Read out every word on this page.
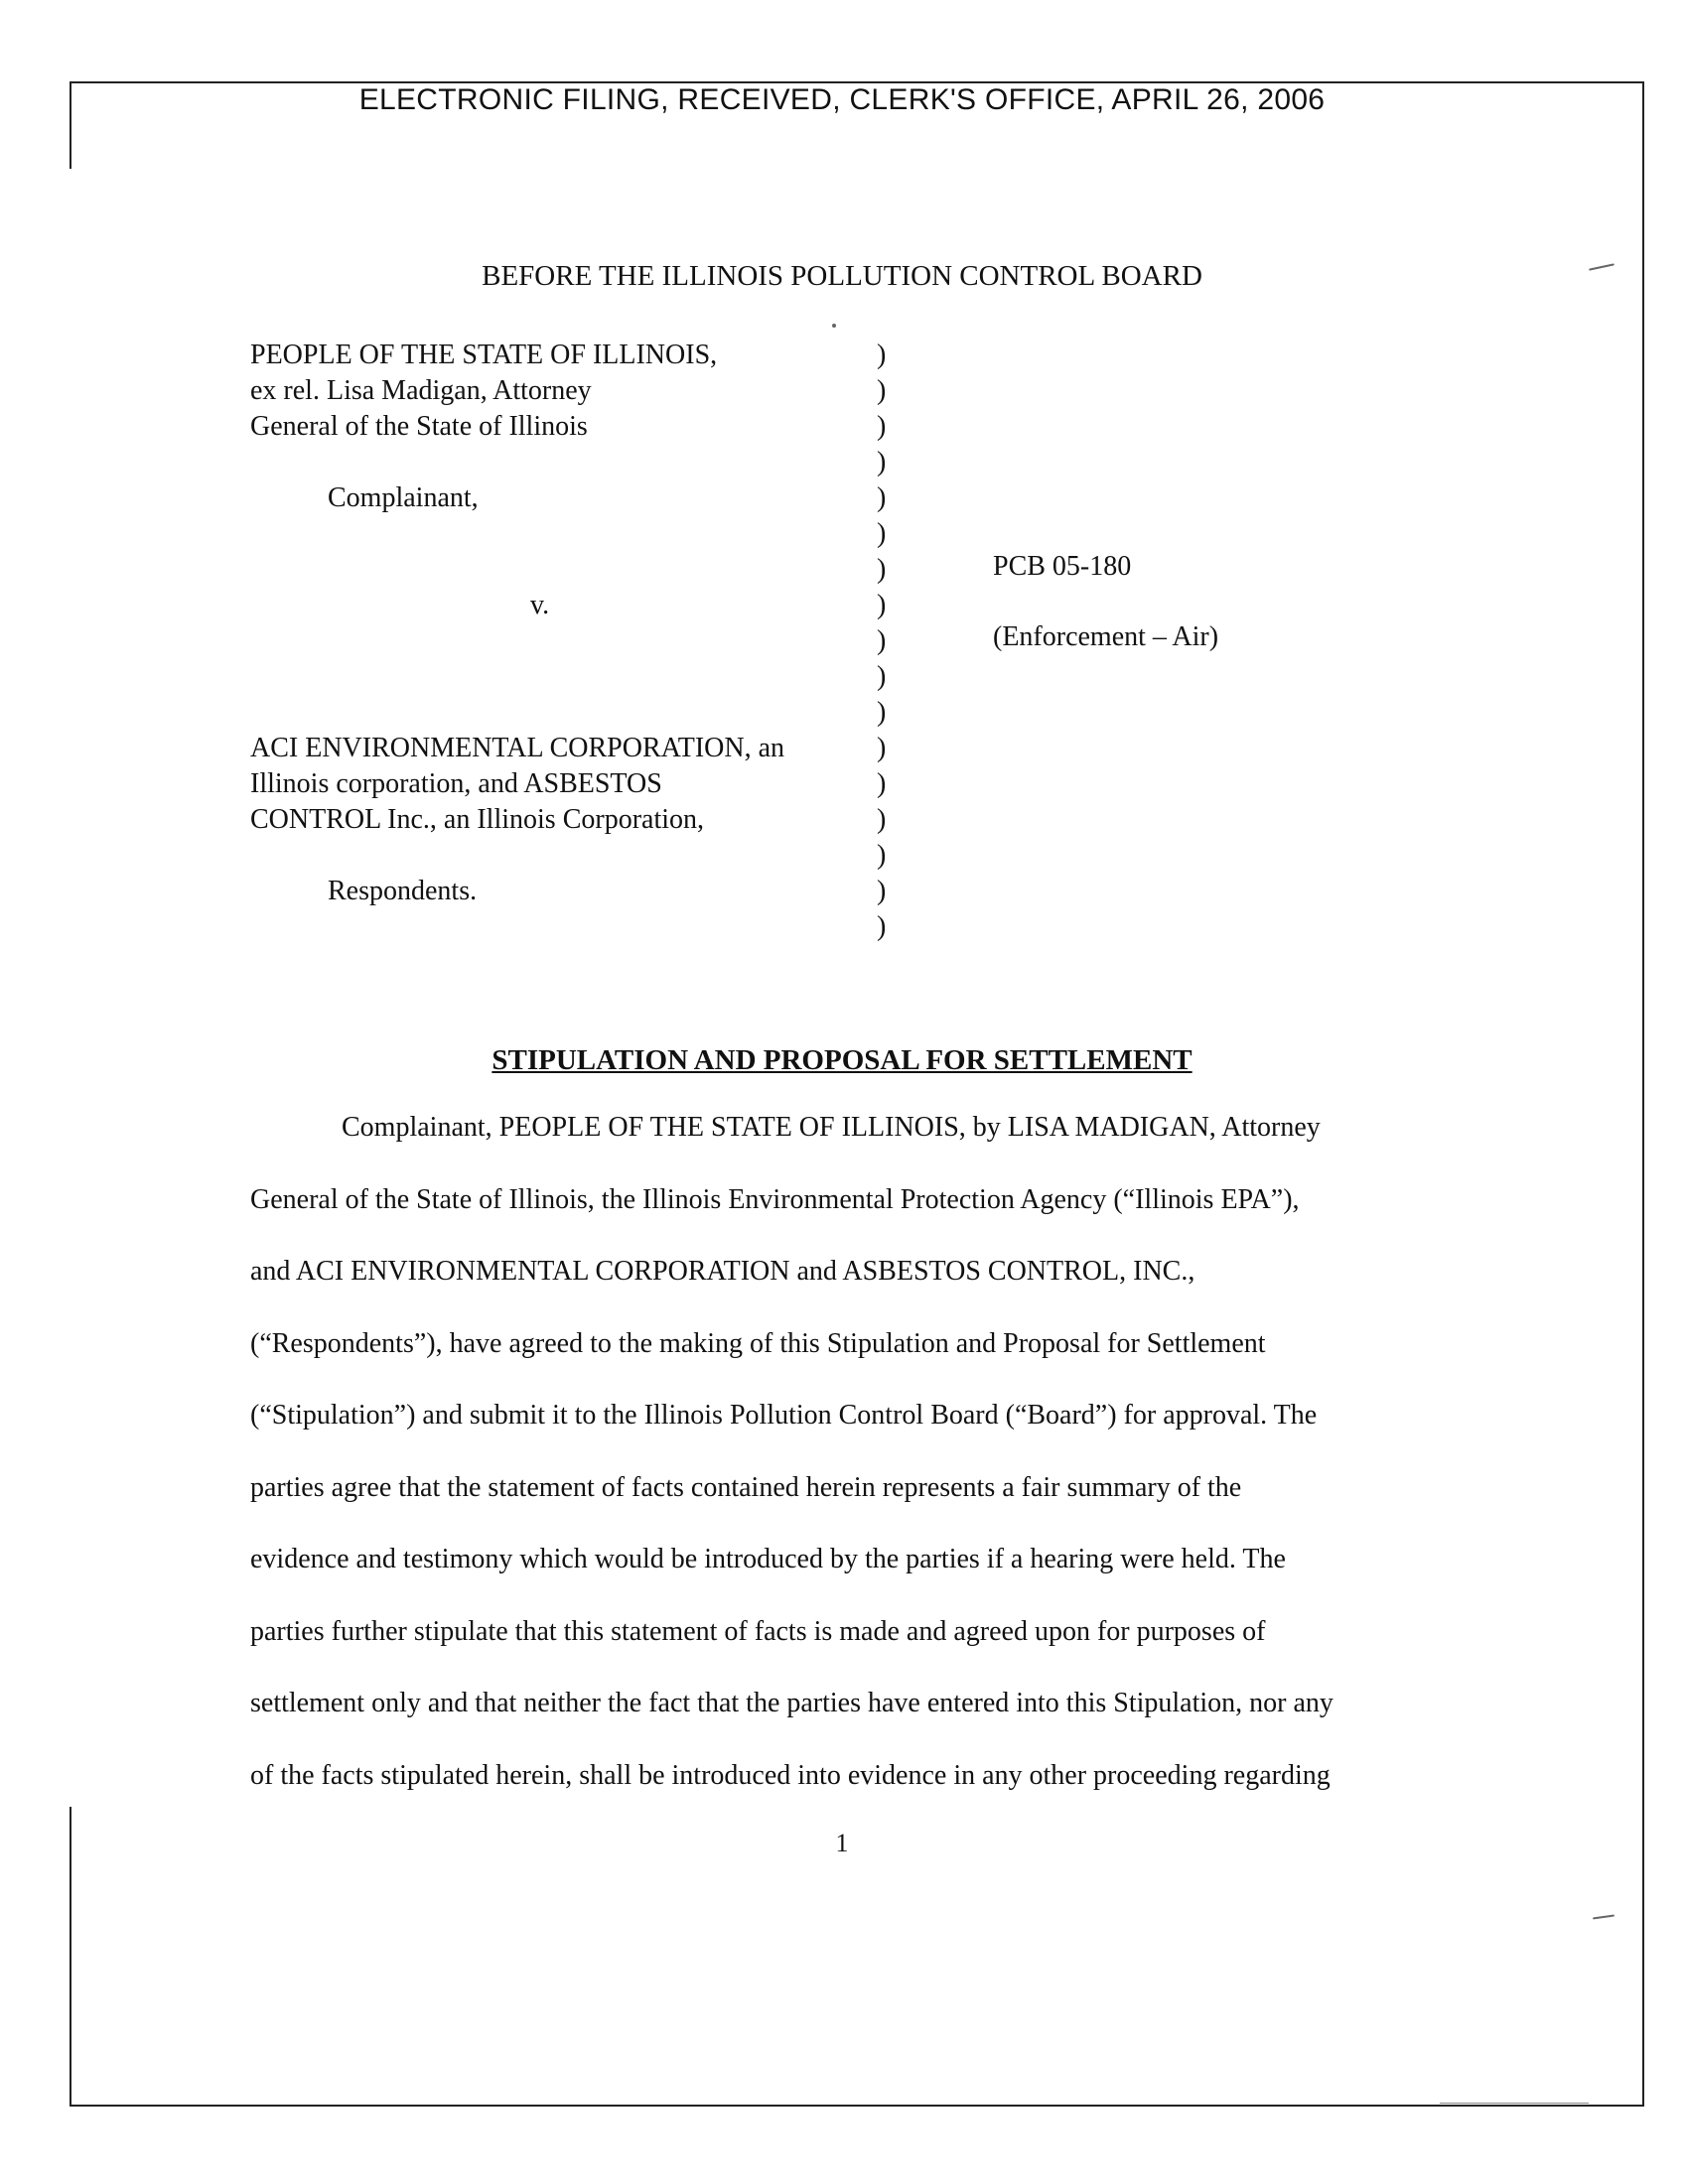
ELECTRONIC FILING, RECEIVED, CLERK'S OFFICE, APRIL 26, 2006
BEFORE THE ILLINOIS POLLUTION CONTROL BOARD
PEOPLE OF THE STATE OF ILLINOIS,
ex rel. Lisa Madigan, Attorney
General of the State of Illinois
Complainant,
v.
ACI ENVIRONMENTAL CORPORATION, an
Illinois corporation, and ASBESTOS
CONTROL Inc., an Illinois Corporation,
Respondents.
)
)
)
)
)
)
)
)
)
)
)
)
)
)
)
)
)
PCB 05-180
(Enforcement – Air)
STIPULATION AND PROPOSAL FOR SETTLEMENT
Complainant, PEOPLE OF THE STATE OF ILLINOIS, by LISA MADIGAN, Attorney
General of the State of Illinois, the Illinois Environmental Protection Agency (“Illinois EPA”),
and ACI ENVIRONMENTAL CORPORATION and ASBESTOS CONTROL, INC.,
(“Respondents”), have agreed to the making of this Stipulation and Proposal for Settlement
(“Stipulation”) and submit it to the Illinois Pollution Control Board (“Board”) for approval. The
parties agree that the statement of facts contained herein represents a fair summary of the
evidence and testimony which would be introduced by the parties if a hearing were held. The
parties further stipulate that this statement of facts is made and agreed upon for purposes of
settlement only and that neither the fact that the parties have entered into this Stipulation, nor any
of the facts stipulated herein, shall be introduced into evidence in any other proceeding regarding
1
